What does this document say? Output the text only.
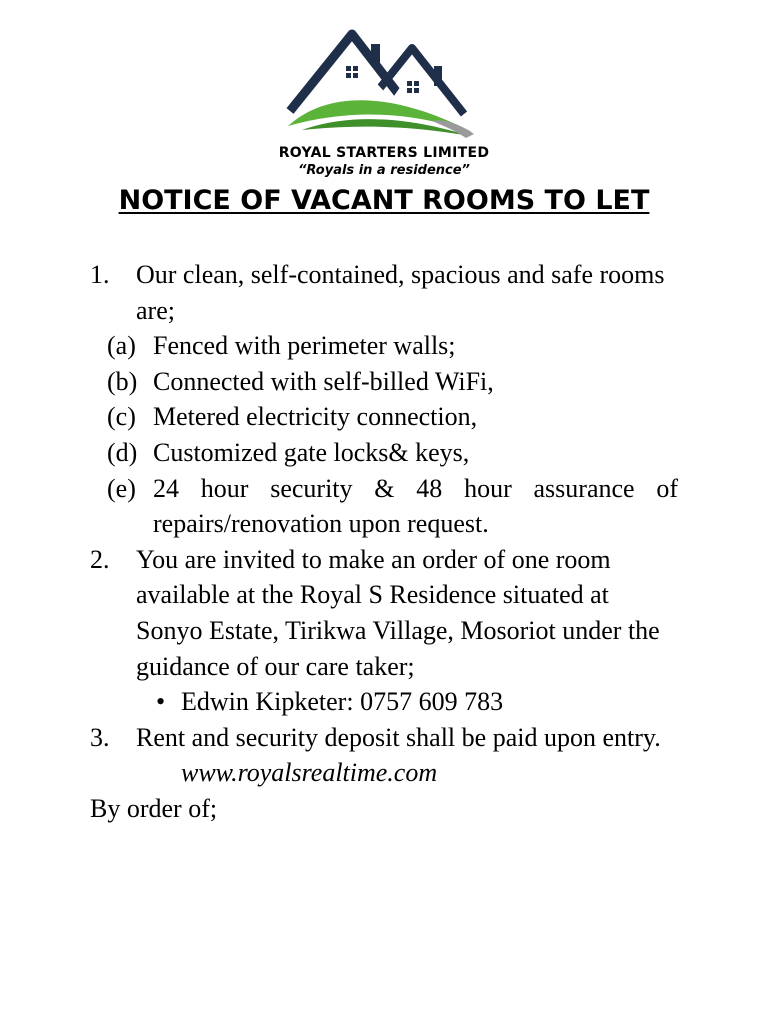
ROYAL STARTERS LIMITED
“Royals in a residence”
NOTICE OF VACANT ROOMS TO LET
1.	Our clean, self-contained, spacious and safe rooms are;
(a) Fenced with perimeter walls;
(b) Connected with self-billed WiFi,
(c) Metered electricity connection,
(d) Customized gate locks& keys,
(e) 24 hour security & 48 hour assurance of repairs/renovation upon request.
2.	You are invited to make an order of one room available at the Royal S Residence situated at Sonyo Estate, Tirikwa Village, Mosoriot under the guidance of our care taker;
• Edwin Kipketer: 0757 609 783
3.	Rent and security deposit shall be paid upon entry.
www.royalsrealtime.com
By order of;
